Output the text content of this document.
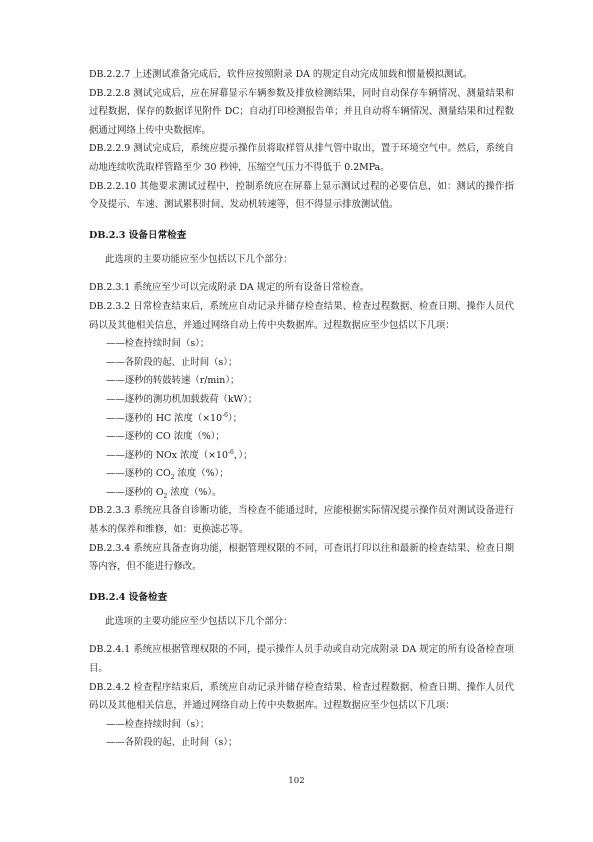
DB.2.2.7 上述测试准备完成后，软件应按照附录 DA 的规定自动完成加载和惯量模拟测试。

DB.2.2.8 测试完成后，应在屏幕显示车辆参数及排放检测结果，同时自动保存车辆情况、测量结果和过程数据，保存的数据详见附件 DC；自动打印检测报告单；并且自动将车辆情况、测量结果和过程数据通过网络上传中央数据库。

DB.2.2.9 测试完成后，系统应提示操作员将取样管从排气管中取出，置于环境空气中。然后，系统自动地连续吹洗取样管路至少 30 秒钟，压缩空气压力不得低于 0.2MPa。

DB.2.2.10 其他要求测试过程中，控制系统应在屏幕上显示测试过程的必要信息，如：测试的操作指令及提示、车速、测试累积时间、发动机转速等，但不得显示排放测试值。

DB.2.3 设备日常检查

此选项的主要功能应至少包括以下几个部分：

DB.2.3.1 系统应至少可以完成附录 DA 规定的所有设备日常检查。

DB.2.3.2 日常检查结束后，系统应自动记录并储存检查结果、检查过程数据、检查日期、操作人员代码以及其他相关信息，并通过网络自动上传中央数据库。过程数据应至少包括以下几项：

——检查持续时间（s）；

——各阶段的起、止时间（s）；

——逐秒的转鼓转速（r/min）；

——逐秒的测功机加载载荷（kW）；

——逐秒的 HC 浓度$(\times 10^{-6})$；

——逐秒的 CO 浓度（%）；

——逐秒的 NOx 浓度（$\times 10^{-6}$，）；

——逐秒的 $CO_2$ 浓度（%）；

——逐秒的 $O_2$ 浓度（%）。

DB.2.3.3 系统应具备自诊断功能，当检查不能通过时，应能根据实际情况提示操作员对测试设备进行基本的保养和维修，如：更换滤芯等。

DB.2.3.4 系统应具备查询功能，根据管理权限的不同，可查讯打印以往和最新的检查结果、检查日期等内容，但不能进行修改。

DB.2.4 设备检查

此选项的主要功能应至少包括以下几个部分：

DB.2.4.1 系统应根据管理权限的不同，提示操作人员手动或自动完成附录 DA 规定的所有设备检查项目。

DB.2.4.2 检查程序结束后，系统应自动记录并储存检查结果、检查过程数据、检查日期、操作人员代码以及其他相关信息，并通过网络自动上传中央数据库。过程数据应至少包括以下几项：

——检查持续时间（s）；

——各阶段的起、止时间（s）；

102
